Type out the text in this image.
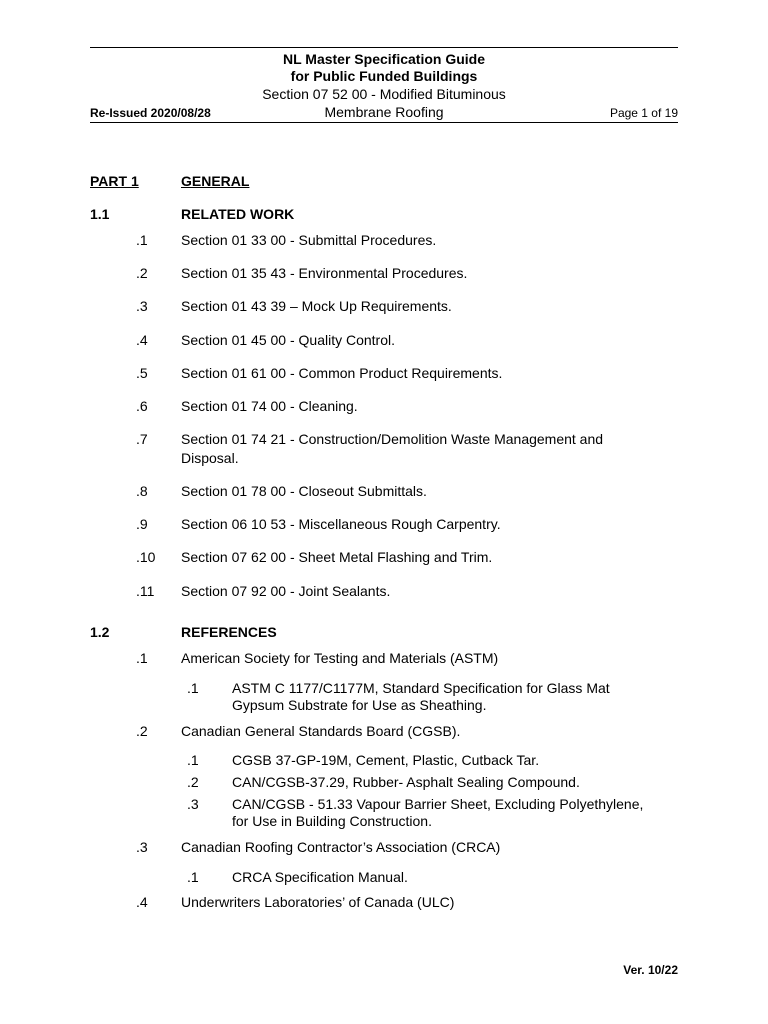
NL Master Specification Guide
for Public Funded Buildings
Section 07 52 00 - Modified Bituminous
Re-Issued 2020/08/28	Membrane Roofing	Page 1 of 19
PART 1	GENERAL
1.1	RELATED WORK
.1 Section 01 33 00 - Submittal Procedures.
.2 Section 01 35 43 - Environmental Procedures.
.3 Section 01 43 39 – Mock Up Requirements.
.4 Section 01 45 00 - Quality Control.
.5 Section 01 61 00 - Common Product Requirements.
.6 Section 01 74 00 - Cleaning.
.7 Section 01 74 21 - Construction/Demolition Waste Management and
Disposal.
.8 Section 01 78 00 - Closeout Submittals.
.9 Section 06 10 53 - Miscellaneous Rough Carpentry.
.10 Section 07 62 00 - Sheet Metal Flashing and Trim.
.11 Section 07 92 00 - Joint Sealants.
1.2	REFERENCES
.1 American Society for Testing and Materials (ASTM)
.1 ASTM C 1177/C1177M, Standard Specification for Glass Mat
Gypsum Substrate for Use as Sheathing.
.2 Canadian General Standards Board (CGSB).
.1 CGSB 37-GP-19M, Cement, Plastic, Cutback Tar.
.2 CAN/CGSB-37.29, Rubber- Asphalt Sealing Compound.
.3 CAN/CGSB - 51.33 Vapour Barrier Sheet, Excluding Polyethylene,
for Use in Building Construction.
.3 Canadian Roofing Contractor’s Association (CRCA)
.1 CRCA Specification Manual.
.4 Underwriters Laboratories’ of Canada (ULC)
Ver. 10/22
